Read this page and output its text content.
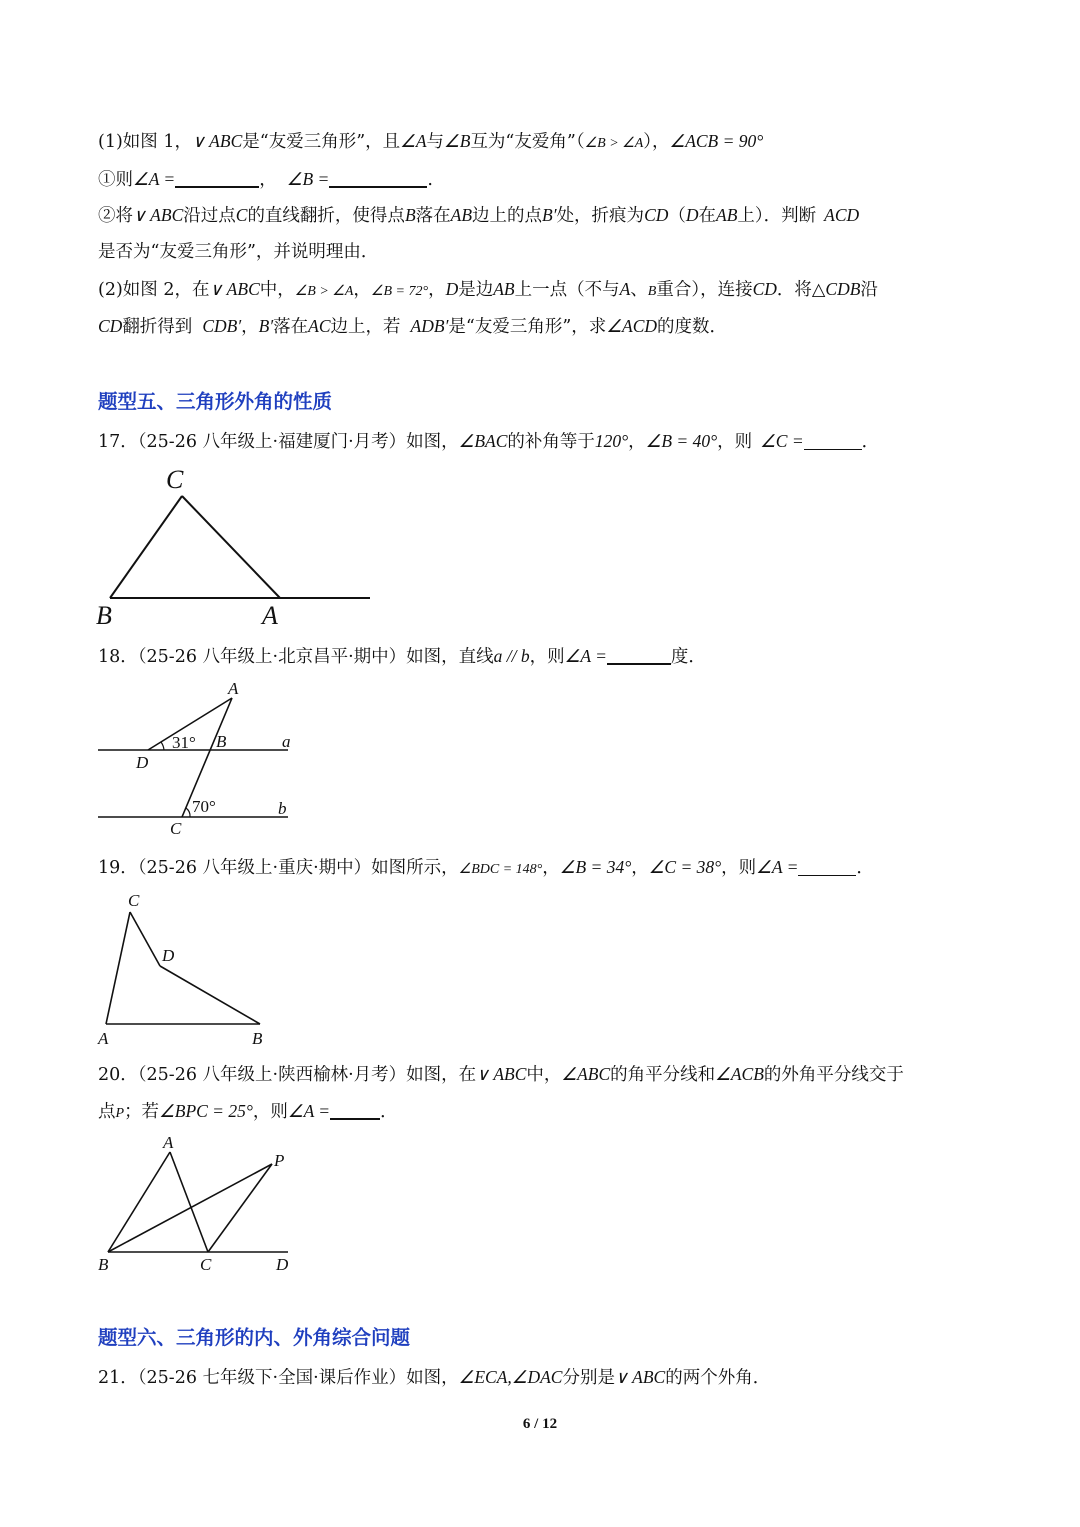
(1)如图 1，∨ ABC是“友爱三角形”，且∠A与∠B互为“友爱角”（∠B > ∠A），∠ACB = 90°
①则∠A =	， ∠B =	.
②将∨ ABC沿过点C的直线翻折，使得点B落在AB边上的点B′处，折痕为CD（D在AB上）．判断 ACD
是否为“友爱三角形”，并说明理由．
(2)如图 2，在∨ ABC中，∠B > ∠A，∠B = 72°，D是边AB上一点（不与A、B重合），连接CD．将△CDB沿
CD翻折得到 CDB′，B′落在AC边上，若 ADB′是“友爱三角形”，求∠ACD的度数．
题型五、三角形外角的性质
17．（25-26 八年级上·福建厦门·月考）如图，∠BAC的补角等于120°，∠B = 40°，则 ∠C =	．
C
B	A
18．（25-26 八年级上·北京昌平·期中）如图，直线a // b，则∠A =	度．
A
B
D
C
a
b
31°
70°
19．（25-26 八年级上·重庆·期中）如图所示，∠BDC = 148°，∠B = 34°，∠C = 38°，则∠A =	．
C
D
A	B
20．（25-26 八年级上·陕西榆林·月考）如图，在∨ ABC中，∠ABC的角平分线和∠ACB的外角平分线交于
点P；若∠BPC = 25°，则∠A =	．
A
P
B	C	D
题型六、三角形的内、外角综合问题
21．（25-26 七年级下·全国·课后作业）如图，∠ECA,∠DAC分别是∨ ABC的两个外角．
6 / 12
